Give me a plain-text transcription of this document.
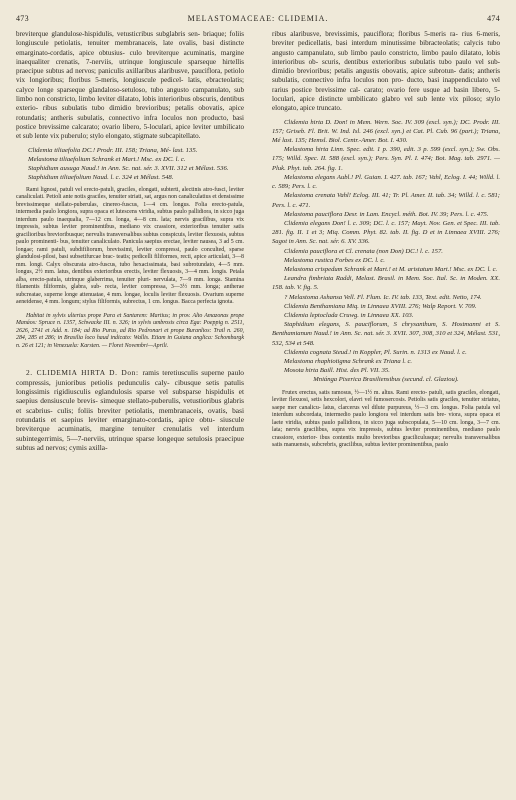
473	MELASTOMACEAE: CLIDEMIA.	474

breviterque glandulose-hispidulis, vetusticribus subglabris sen- briaque; foliis longiuscule petiolatis, tenuiter membranaceis, late ovalis, basi distincte emarginato-cordatis, apice obtusius- culo breviterque acuminatis, margine inaequaliter crenatis, 7-nerviis, utrinque longiuscule sparseque hirtellis praecipue subtus ad nervos; paniculis axillaribus alaribusve, pauciflora, petiolo vix longioribus; floribus 5-meris, longiuscule pedicel- latis, ebracteolatis; calyce longe sparseque glandaloso-setuloso, tubo angusto campanulato, sub limbo non constricto, limbo leviter dilatato, lobis interioribus obscuris, dentibus exterio- ribus subulatis tubo dimidio brevioribus; petalis obovatis, apice rotundatis; antheris subulatis, connectivo infra loculos non producto, basi postice brevissime calcarato; ovario libero, 5-loculari, apice leviter umbilicato et sub lente vix puberulo; stylo elongato, stigmate subcapitellato.

Clidemia tiliaefolia DC.! Prodr. III. 158; Triana, Mé- last. 135.

Melastoma tiliaefolium Schrank et Mart.! Msc. ex DC. l. c.

Staphidium ausuga Naud.! in Ann. Sc. nat. sér. 3. XVII. 312 et Mélast. 536.

Staphidium tiliaefolium Naud. l. c. 324 et Mélast. 548.

Rami lignosi, patuli vel erecto-patuli, graciles, elongati, subterti, alectinis atro-fusci, leviter canaliculati. Petioli ante notis graciles, tenuiter striati, sat, argus non canaliculatius et densissime brevissimeque stellato-puberulas, cinereo-fuscus, 1—4 cm. longus. Folia erecto-patula, intermedia paulo longiora, supra opaca et lutescens viridia, subtus paulo pallidiora, in sicco juga interdum paulo inaequalia, 7—12 cm. longa, 4—8 cm. lata; nervis gracilibus, supra vix impressis, subtus leviter prominentibus, mediano vix crassiore, exterioribus tenuiter satis gracilioribus brevioribusque; nervulis transversalibus subtus conspicuis, leviter flexuosis, subtus paulo prominenti- bus, tenuiter canaliculato. Panicula saepius erectae, leviter nausea, 3 ad 5 cm. longae; rami patuli, subdifiliorum, brevissimi, leviter compressi, paulo conculted, sparse glandulosi-pilosi, basi subsetifurcae brac- teatis; pedicelli filiformes, recti, apice articulati, 3—8 mm. longi. Calyx obscurata atro-fuscus, tubo hexacissimata, basi subrotundato, 4—5 mm. longus, 2½ mm. latus, dentibus exterioribus erectis, leviter flexuosis, 3—4 mm. longis. Petala alba, erecto-patula, utrinque glaberrima, tenuiter pluri- nervulata, 7—9 mm. longa. Stamina filamentis filiformis, glabra, sub- recta, leviter compressa, 3—3½ mm. longa; antherae subcreatae, superne longe attenuatae, 4 mm. longae, loculis leviter flexuosis. Ovarium superne aeneidense, 4 mm. longum; stylus filiformis, subrectus, 1 cm. longus. Bacca perfecta ignota.

Habitat in sylvis ulterius prope Para et Santarem: Martius; in prov. Alto Amazonas prope Manáos: Spruce n. 1357, Schwacke III. n. 326; in sylvis umbrosis circa Ega: Poeppig n. 2511, 2626, 2741 et Add. n. 184; ad Rio Purus, ad Rio Pedronari et prope Buranlios: Trail n. 260, 284, 285 et 286; in Brasilia loco haud indicato: Wallis. Etiam in Guiana anglica: Schomburgk n. 26 et 121; in Venezuela: Karsten. — Floret Novembri—Aprili.

2. CLIDEMIA HIRTA D. Don: ramis teretiusculis superne paulo compressis, junioribus petiolis pedunculis caly- cibusque setis patulis longissimis rigidiusculis eglandulosis sparse vel subsparse hispidulis et saepius densiuscule brevis- simeque stellato-puberulis, vetustioribus glabris et scabrius- culis; foliis breviter petiolatis, membranaceis, ovatis, basi rotundatis et saepius leviter emarginato-cordatis, apice obtu- siuscule breviterque acuminatis, margine tenuiter crenulatis vel interdum subintegerrimis, 5—7-nerviis, utrinque sparse longeque setulosis praecipue subtus ad nervos; cymis axilla-

ribus alaribusve, brevissimis, pauciflora; floribus 5-meris ra- rius 6-meris, breviter pedicellatis, basi interdum minutissime bibracteolatis; calycis tubo angusto campanulato, sub limbo paulo constricto, limbo paulo dilatato, lobis interioribus ob- scuris, dentibus exterioribus subulatis tubo paulo vel sub- dimidio brevioribus; petalis angustis obovatis, apice subrotun- datis; antheris subulatis, connectivo infra loculos non pro- ducto, basi inappendiculato vel rarius postice brevissime cal- carato; ovario fere usque ad basin libero, 5-loculari, apice distincte umbilicato glabro vel sub lente vix piloso; stylo elongato, apice truncato.

Clidemia hirta D. Don! in Mem. Wern. Soc. IV. 309 (excl. syn.); DC. Prodr. III. 157; Griseb. Fl. Brit. W. Ind. Isl. 246 (excl. syn.) et Cat. Pl. Cub. 96 (part.); Triana, Mé last. 135; Hemsl. Biol. Centr.-Amer. Bot. I. 430.

Melastoma hirta Linn. Spec. edit. 1 p. 390, edit. 3 p. 599 (excl. syn.); Sw. Obs. 175; Willd. Spec. II. 588 (excl. syn.); Pers. Syn. Pl. I. 474; Bot. Mag. tab. 2971. — Pluk. Phyt. tab. 264. fig. 1.

Melastoma elegans Aubl.! Pl. Guian. I. 427. tab. 167; Vahl, Eclog. I. 44; Willd. l. c. 589; Pers. l. c.

Melastoma crenata Vahl! Eclog. III. 41; Tr. Pl. Amer. II. tab. 34; Willd. l. c. 581; Pers. l. c. 471.

Melastoma pauciflora Desr. in Lam. Encycl. méth. Bot. IV. 39; Pers. l. c. 475.

Clidemia elegans Don! l. c. 309; DC. l. c. 157; Mayt. Nov. Gen. et Spec. III. tab. 281. fig. II. 1 et 3; Miq. Comm. Phyt. 82. tab. II. fig. D et in Linnaea XVIII. 276; Sagot in Ann. Sc. nat. sér. 6. XV. 336.

Clidemia pauciflora et Cl. crenata (non Don) DC.! l. c. 157.

Melastoma rustica Forbes ex DC. l. c.

Melastoma crispedum Schrank et Mart.! et M. aristatum Mart.! Msc. ex DC. l. c.

Leandra fimbriata Raddi, Melast. Brasil. in Mem. Soc. Ital. Sc. in Moden. XX. 158. tab. V. fig. 5.

? Melastoma Ashansa Vell. Fl. Flum. Ic. IV. tab. 133, Text. edit. Netto, 174.

Clidemia Benthamiana Miq. in Linnaea XVIII. 276; Walp Report. V. 709.

Clidemia leptoclada Cruwg. in Linnaea XX. 103.

Staphidium elegans, S. pauciflorum, S chrysanthum, S. Hostmanni et S. Benthamianum Naud.! in Ann. Sc. nat. sér. 3. XVII. 307, 308, 310 et 324, Mélast. 531, 532, 534 et 548.

Clidemia cognata Steud.! in Koppler, Pl. Surin. n. 1313 ex Naud. l. c.

Melastoma rhaphiotigma Schrank ex Triana l. c.

Mosota hirta Baill. Hist. des Pl. VII. 35.

Mniánga Pixerica Brasiliensibus (secund. cl. Glaziou).

Frutex erectus, satis ramosus, ½—1½ m. altus. Rami erecto- patuli, satis graciles, elongati, leviter flexuosi, setis hexcolori, elavri vel fumosercosis. Petiolis satis graciles, tenuiter striatus, saepe mer canalicu- latus, clarcerus vel dilute purpureus, ½—3 cm. longus. Folia patula vel interdum subcordata, intermedio paulo longiora vel interdum satis bre- viora, supra opaca et laete viridia, subtus paulo pallidiora, in sicco juga subscopulata, 5—10 cm. longa, 3—7 cm. lata; nervis gracilibus, supra vix impressis, subtus leviter prominentibus, mediano paulo crassiore, exterior- ibus contentis multo brevioribus graciliculusque; nervulis transversalibus satis manuensis, subcrebris, gracilibus, subtus leviter prominentibus, paulo
